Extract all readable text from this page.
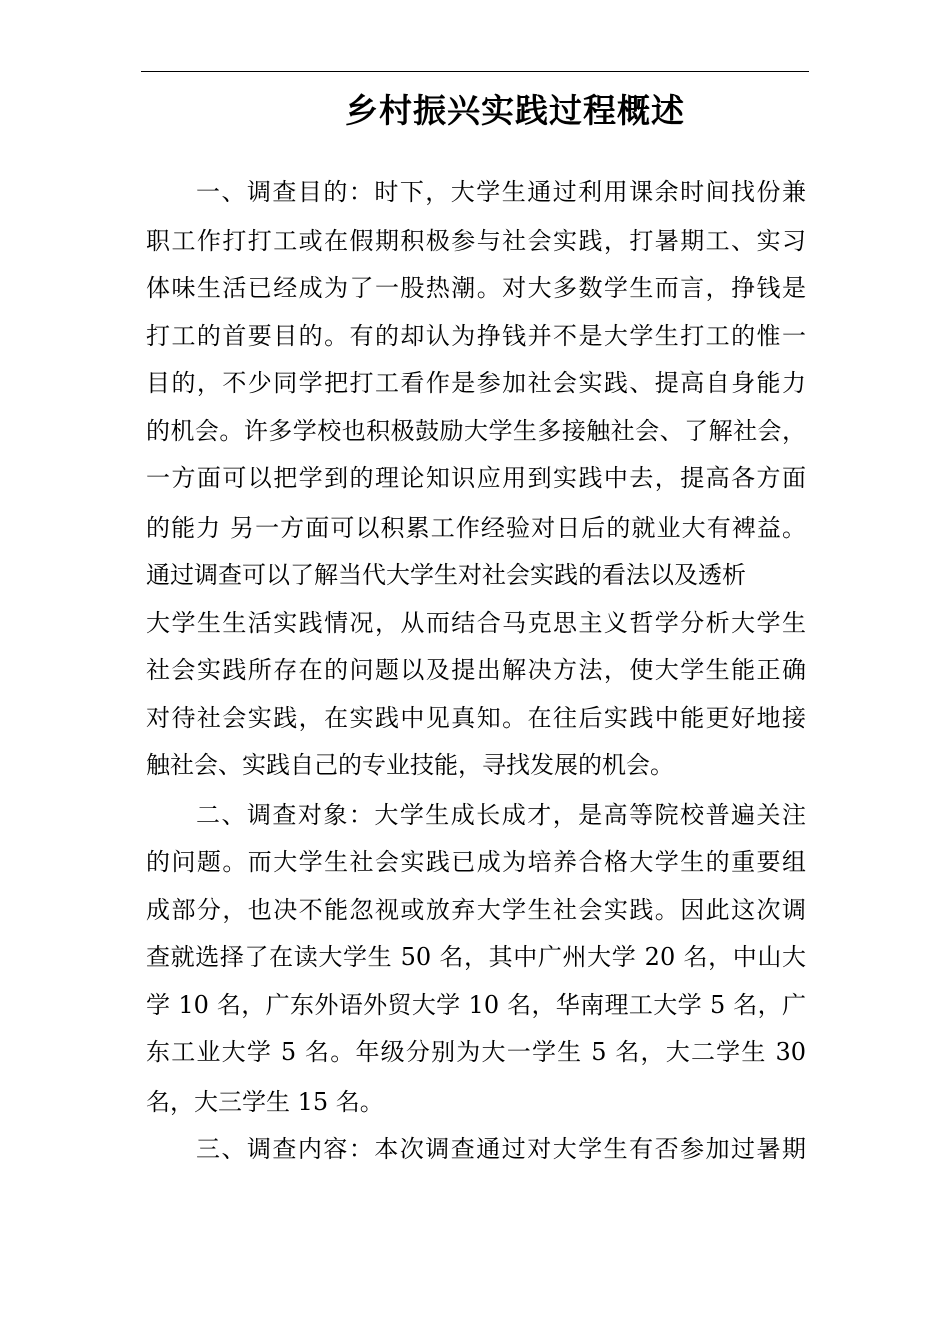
乡村振兴实践过程概述
一、调查目的：时下，大学生通过利用课余时间找份兼
职工作打打工或在假期积极参与社会实践，打暑期工、实习
体味生活已经成为了一股热潮。对大多数学生而言，挣钱是
打工的首要目的。有的却认为挣钱并不是大学生打工的惟一
目的，不少同学把打工看作是参加社会实践、提高自身能力
的机会。许多学校也积极鼓励大学生多接触社会、了解社会，
一方面可以把学到的理论知识应用到实践中去，提高各方面
的能力 另一方面可以积累工作经验对日后的就业大有裨益。
通过调查可以了解当代大学生对社会实践的看法以及透析
大学生生活实践情况，从而结合马克思主义哲学分析大学生
社会实践所存在的问题以及提出解决方法，使大学生能正确
对待社会实践，在实践中见真知。在往后实践中能更好地接
触社会、实践自己的专业技能，寻找发展的机会。
二、调查对象：大学生成长成才，是高等院校普遍关注
的问题。而大学生社会实践已成为培养合格大学生的重要组
成部分，也决不能忽视或放弃大学生社会实践。因此这次调
查就选择了在读大学生 50 名，其中广州大学 20 名，中山大
学 10 名，广东外语外贸大学 10 名，华南理工大学 5 名，广
东工业大学 5 名。年级分别为大一学生 5 名，大二学生 30
名，大三学生 15 名。
三、调查内容：本次调查通过对大学生有否参加过暑期
